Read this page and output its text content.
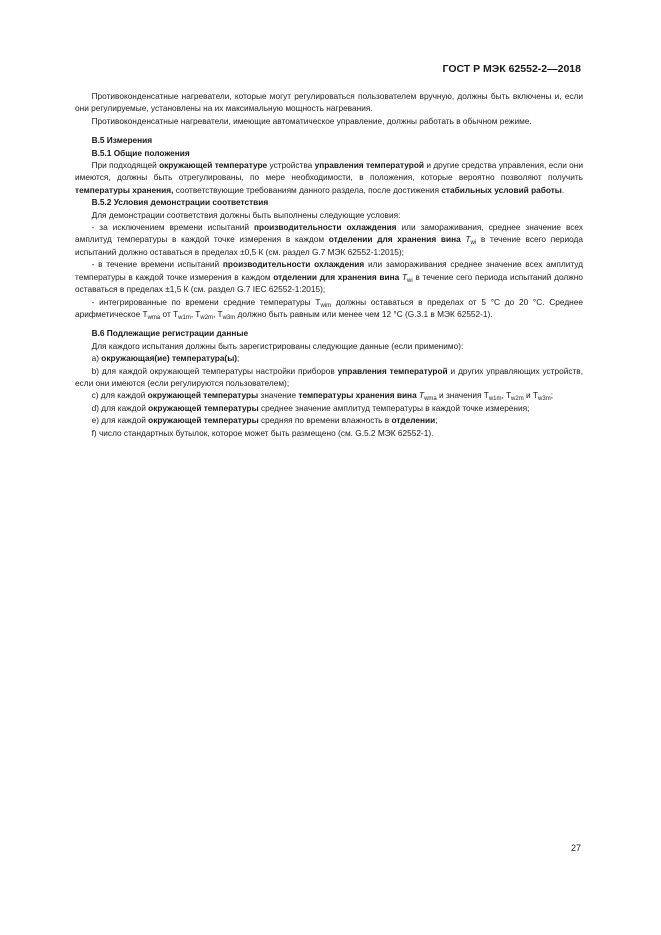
ГОСТ Р МЭК 62552-2—2018

  Противоконденсатные нагреватели, которые могут регулироваться пользователем вручную, должны быть включены и, если они регулируемые, установлены на их максимальную мощность нагревания.

  Противоконденсатные нагреватели, имеющие автоматическое управление, должны работать в обычном режиме.

  В.5 Измерения

  В.5.1 Общие положения

  При подходящей окружающей температуре устройства управления температурой и другие средства управления, если они имеются, должны быть отрегулированы, по мере необходимости, в положения, которые вероятно позволяют получить температуры хранения, соответствующие требованиям данного раздела, после достижения стабильных условий работы.

  В.5.2 Условия демонстрации соответствия

  Для демонстрации соответствия должны быть выполнены следующие условия:

  - за исключением времени испытаний производительности охлаждения или замораживания, среднее значение всех амплитуд температуры в каждой точке измерения в каждом отделении для хранения вина $T_{wi}$ в течение всего периода испытаний должно оставаться в пределах ±0,5 К (см. раздел G.7 МЭК 62552-1:2015);

  - в течение времени испытаний производительности охлаждения или замораживания среднее значение всех амплитуд температуры в каждой точке измерения в каждом отделении для хранения вина $T_{wi}$ в течение сего периода испытаний должно оставаться в пределах ±1,5 К (см. раздел G.7 IEC 62552-1:2015);

  - интегрированные по времени средние температуры $T_{wim}$ должны оставаться в пределах от 5 °С до 20 °С. Среднее арифметическое $T_{wma}$ от $T_{w1m}$, $T_{w2m}$, $T_{w3m}$ должно быть равным или менее чем 12 °С (G.3.1 в МЭК 62552-1).

  В.6 Подлежащие регистрации данные

  Для каждого испытания должны быть зарегистрированы следующие данные (если применимо):

  a) окружающая(ие) температура(ы);

  b) для каждой окружающей температуры настройки приборов управления температурой и других управляющих устройств, если они имеются (если регулируются пользователем);

  c) для каждой окружающей температуры значение температуры хранения вина $T_{wma}$ и значения $T_{w1m}$, $T_{w2m}$ и $T_{w3m}$;

  d) для каждой окружающей температуры среднее значение амплитуд температуры в каждой точке измерения;

  e) для каждой окружающей температуры средняя по времени влажность в отделении;

  f) число стандартных бутылок, которое может быть размещено (см. G.5.2 МЭК 62552-1).

27
